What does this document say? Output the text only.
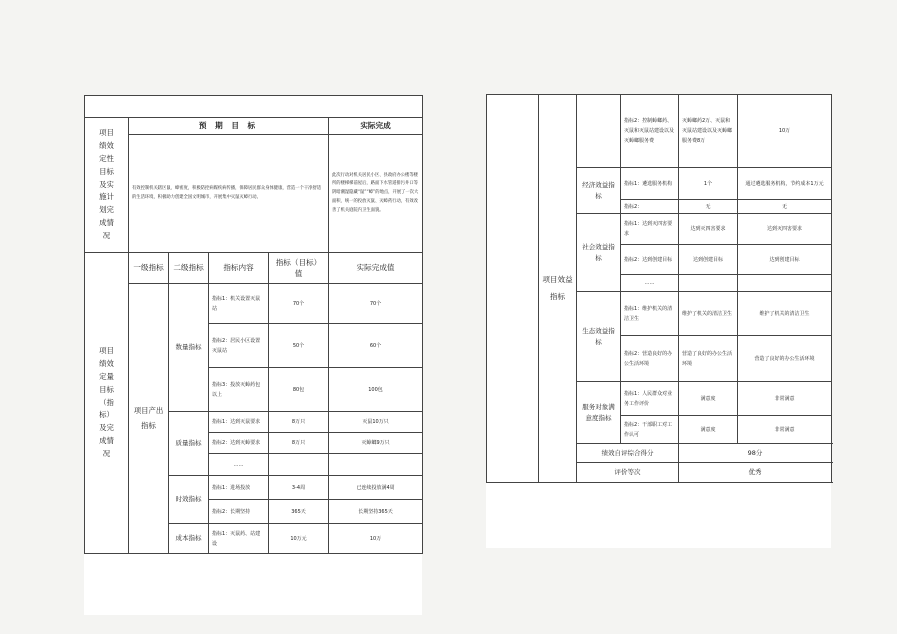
项目绩效定性目标及实施计划完成情况	预 期 目 标				实际完成
	有效控制机关辖区鼠、蟑密度，积极防控病媒疾病传播，保障居民群众身体健康，营造一个干净舒适的生活环境，积极助力创建全国文明城市，开展集中灭鼠灭蟑行动。				此次行动对机关居民小区、县政府办公楼等楼所的楼梯梯前屋后，路面下水管道排污井口等阴暗潮湿隐藏“鼠”“蟑”的地点，开展了一次大面积、统一的投放灭鼠、灭蟑药行动，有效改善了机关庭院内卫生面貌。
项目绩效定量目标（指标）及完成情况	一级指标	二级指标	指标内容	指标（目标）值	实际完成值
	项目产出指标	数量指标	指标1：机关设置灭鼠站	70个	70个
			指标2：居民小区设置灭鼠站	50个	60个
			指标3：投放灭蟑药包以上	80包	100包
		质量指标	指标1：达到灭鼠要求	8万只	灭鼠10万只
			指标2：达到灭蟑要求	8万只	灭蟑螂9万只
			……		
		时效指标	指标1：进场投放	3-4周	已连续投放满4周
			指标2：长期坚持	365天	长期坚持365天
		成本指标	指标1：灭鼠药、站建设	10万元	10万
	项目效益指标		指标2：控制蟑螂药、灭鼠和灭鼠站建设以及灭蟑螂服务费	灭蟑螂药2万、灭鼠和灭鼠站建设以及灭蟑螂服务费8万	10万
		经济效益指标	指标1：遴选服务机构	1个	通过遴选服务机构，节约成本1万元
			指标2：	无	无
		社会效益指标	指标1：达到灭四害要求	达到灭四害要求	达到灭四害要求
			指标2：达到创建目标	达到创建目标	达到创建目标
			……		
		生态效益指标	指标1：维护机关的清洁卫生	维护了机关的清洁卫生	维护了机关的清洁卫生
			指标2：营造良好的办公生活环境	营造了良好的办公生活环境	营造了良好的办公生活环境
		服务对象满意度指标	指标1：人民群众对业务工作评价	满意度	非常满意
			指标2：干部职工对工作认可	满意度	非常满意
		绩效自评综合得分		98分	
		评价等次		优秀	
